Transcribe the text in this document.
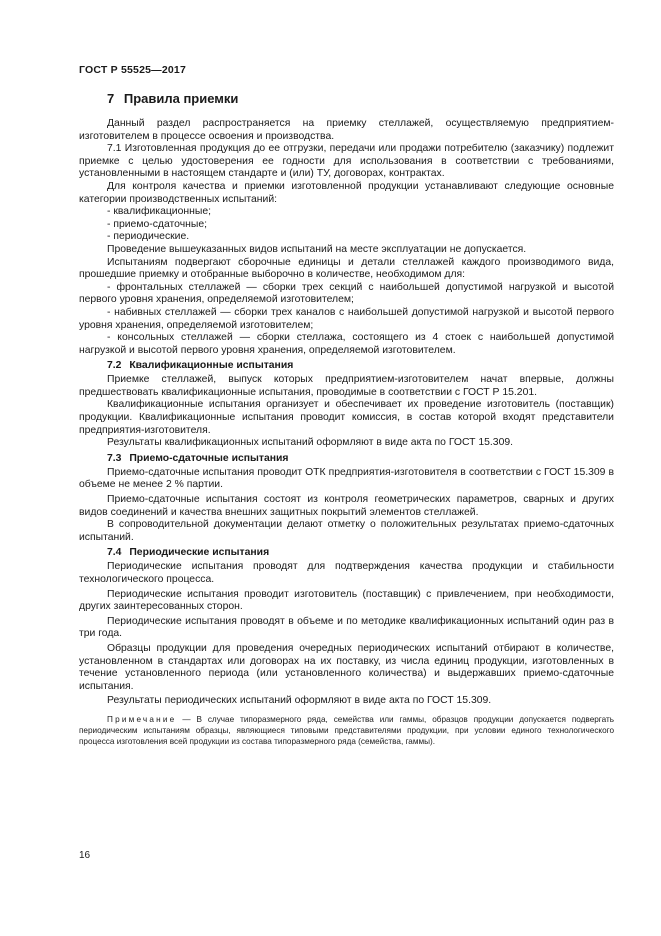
ГОСТ Р 55525—2017
7 Правила приемки

Данный раздел распространяется на приемку стеллажей, осуществляемую предприятием-изготовителем в процессе освоения и производства.

7.1 Изготовленная продукция до ее отгрузки, передачи или продажи потребителю (заказчику) подлежит приемке с целью удостоверения ее годности для использования в соответствии с требованиями, установленными в настоящем стандарте и (или) ТУ, договорах, контрактах.

Для контроля качества и приемки изготовленной продукции устанавливают следующие основные категории производственных испытаний:

- квалификационные;

- приемо-сдаточные;

- периодические.

Проведение вышеуказанных видов испытаний на месте эксплуатации не допускается.

Испытаниям подвергают сборочные единицы и детали стеллажей каждого производимого вида, прошедшие приемку и отобранные выборочно в количестве, необходимом для:

- фронтальных стеллажей — сборки трех секций с наибольшей допустимой нагрузкой и высотой первого уровня хранения, определяемой изготовителем;

- набивных стеллажей — сборки трех каналов с наибольшей допустимой нагрузкой и высотой первого уровня хранения, определяемой изготовителем;

- консольных стеллажей — сборки стеллажа, состоящего из 4 стоек с наибольшей допустимой нагрузкой и высотой первого уровня хранения, определяемой изготовителем.

7.2 Квалификационные испытания

Приемке стеллажей, выпуск которых предприятием-изготовителем начат впервые, должны предшествовать квалификационные испытания, проводимые в соответствии с ГОСТ Р 15.201.

Квалификационные испытания организует и обеспечивает их проведение изготовитель (поставщик) продукции. Квалификационные испытания проводит комиссия, в состав которой входят представители предприятия-изготовителя.

Результаты квалификационных испытаний оформляют в виде акта по ГОСТ 15.309.

7.3 Приемо-сдаточные испытания

Приемо-сдаточные испытания проводит ОТК предприятия-изготовителя в соответствии с ГОСТ 15.309 в объеме не менее 2 % партии.

Приемо-сдаточные испытания состоят из контроля геометрических параметров, сварных и других видов соединений и качества внешних защитных покрытий элементов стеллажей.

В сопроводительной документации делают отметку о положительных результатах приемо-сдаточных испытаний.

7.4 Периодические испытания

Периодические испытания проводят для подтверждения качества продукции и стабильности технологического процесса.

Периодические испытания проводит изготовитель (поставщик) с привлечением, при необходимости, других заинтересованных сторон.

Периодические испытания проводят в объеме и по методике квалификационных испытаний один раз в три года.

Образцы продукции для проведения очередных периодических испытаний отбирают в количестве, установленном в стандартах или договорах на их поставку, из числа единиц продукции, изготовленных в течение установленного периода (или установленного количества) и выдержавших приемо-сдаточные испытания.

Результаты периодических испытаний оформляют в виде акта по ГОСТ 15.309.

Примечание — В случае типоразмерного ряда, семейства или гаммы, образцов продукции допускается подвергать периодическим испытаниям образцы, являющиеся типовыми представителями продукции, при условии единого технологического процесса изготовления всей продукции из состава типоразмерного ряда (семейства, гаммы).

16
